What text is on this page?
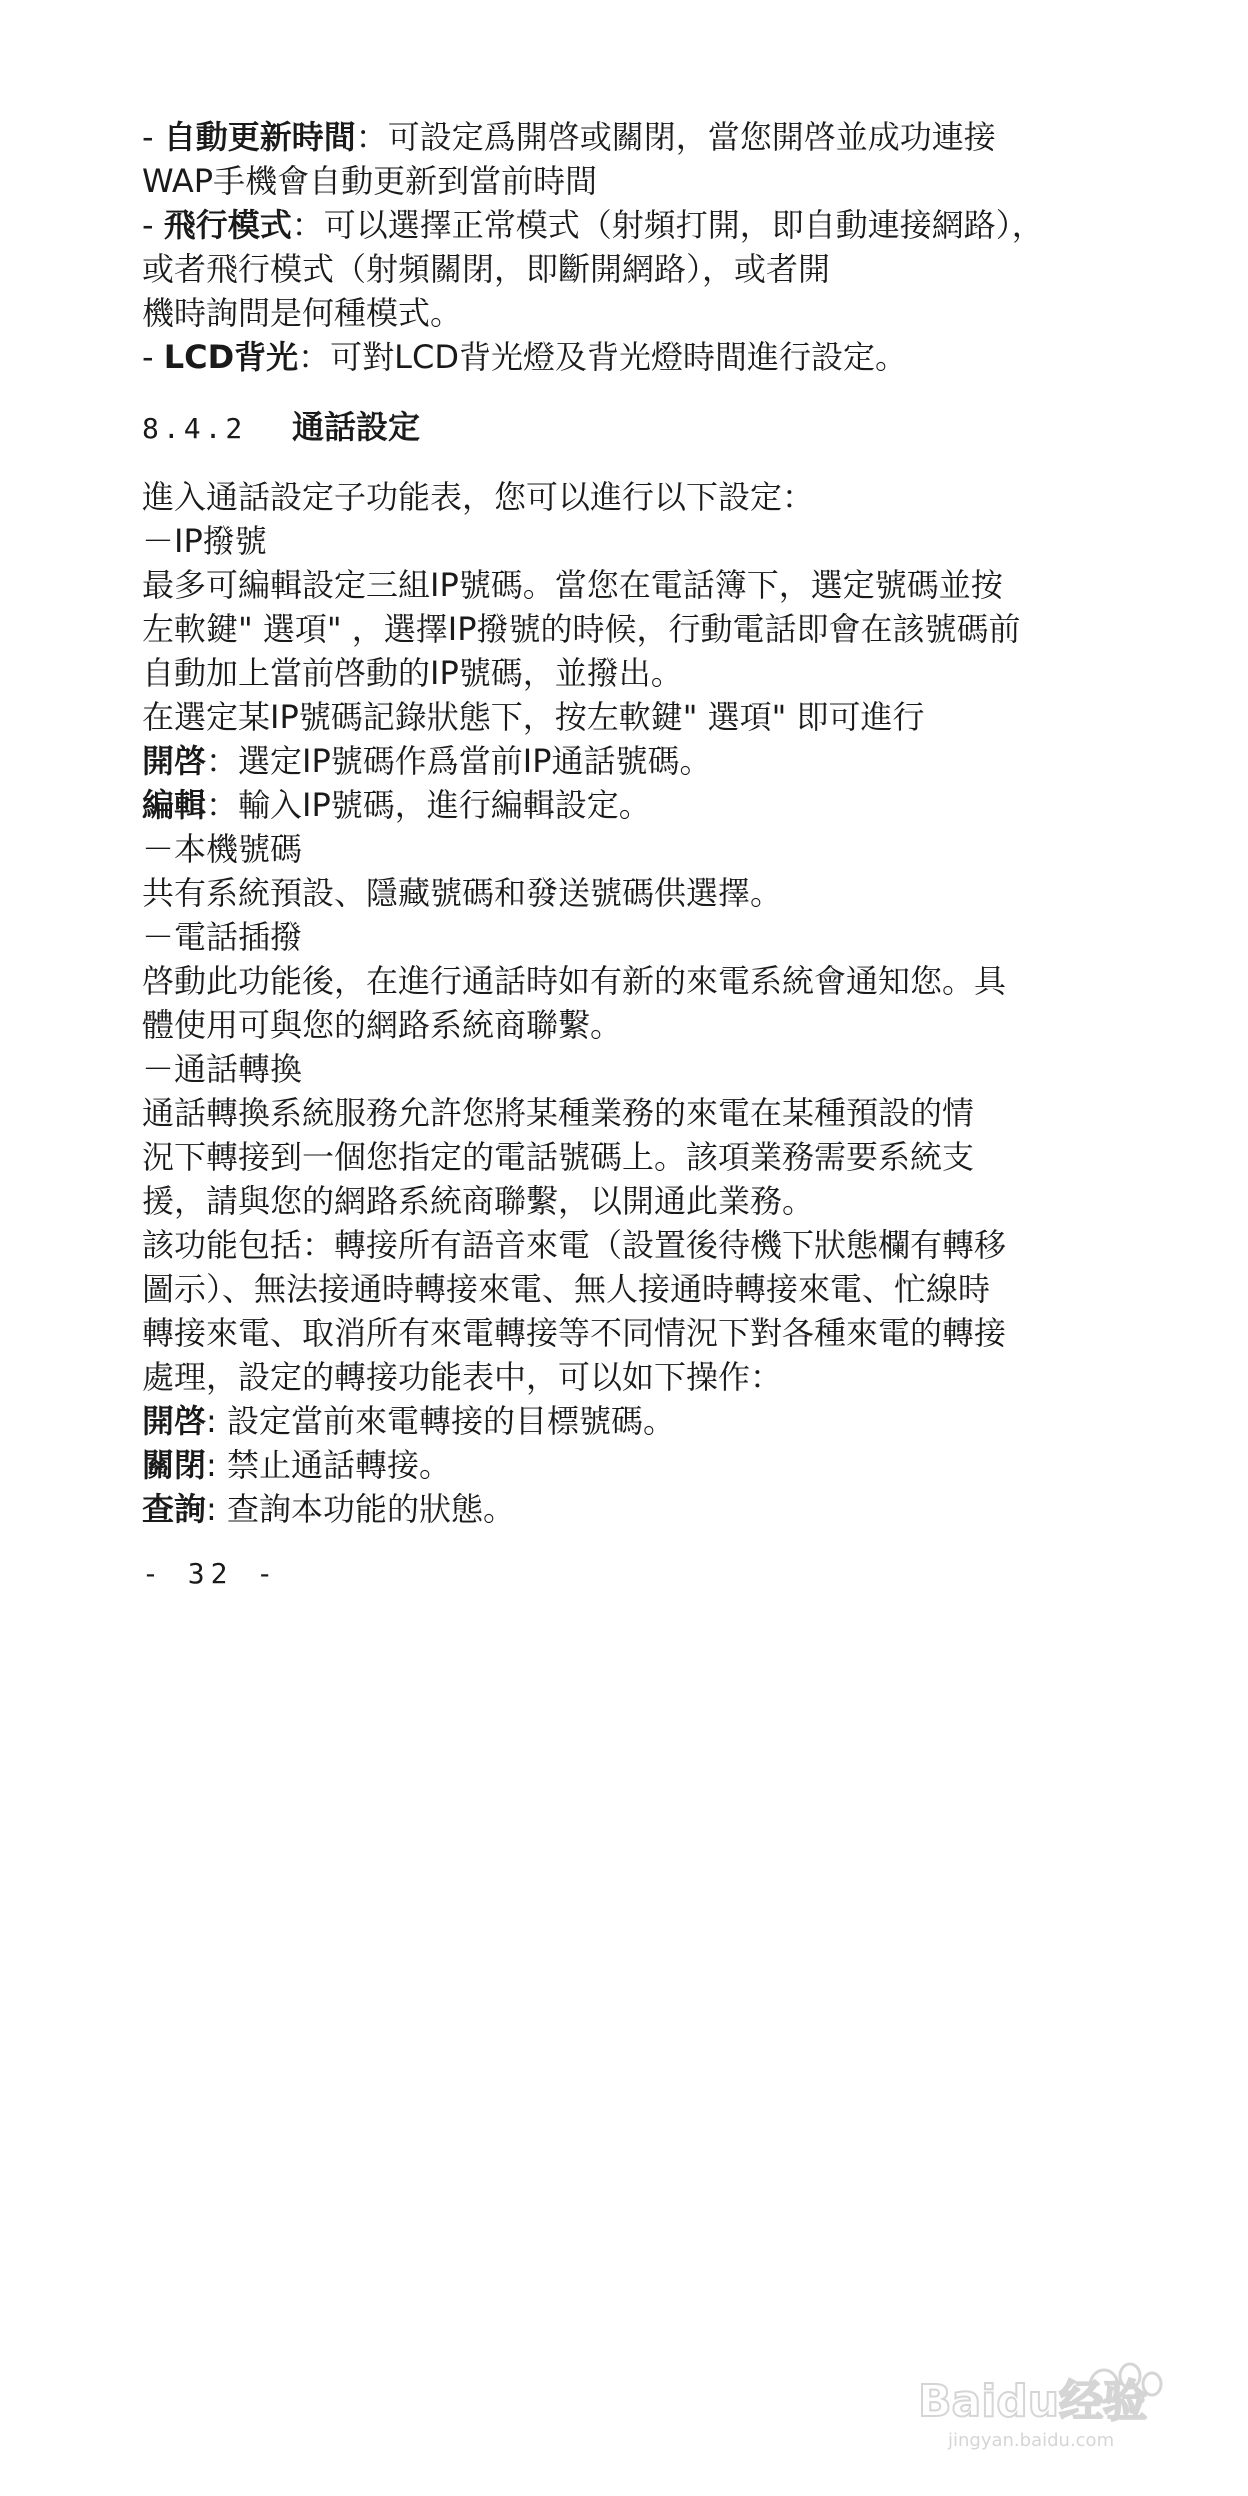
- 自動更新時間：可設定爲開啓或關閉，當您開啓並成功連接

WAP手機會自動更新到當前時間

- 飛行模式：可以選擇正常模式（射頻打開，即自動連接網路），

或者飛行模式（射頻關閉，即斷開網路），或者開

機時詢問是何種模式。

- LCD背光：可對LCD背光燈及背光燈時間進行設定。

8.4.2 通話設定

進入通話設定子功能表，您可以進行以下設定：

－IP撥號

最多可編輯設定三組IP號碼。當您在電話簿下，選定號碼並按

左軟鍵" 選項" ，選擇IP撥號的時候，行動電話即會在該號碼前

自動加上當前啓動的IP號碼，並撥出。

在選定某IP號碼記錄狀態下，按左軟鍵" 選項" 即可進行

開啓：選定IP號碼作爲當前IP通話號碼。

編輯：輸入IP號碼，進行編輯設定。

－本機號碼

共有系統預設、隱藏號碼和發送號碼供選擇。

－電話插撥

啓動此功能後，在進行通話時如有新的來電系統會通知您。具

體使用可與您的網路系統商聯繫。

－通話轉換

通話轉換系統服務允許您將某種業務的來電在某種預設的情

況下轉接到一個您指定的電話號碼上。該項業務需要系統支

援，請與您的網路系統商聯繫，以開通此業務。

該功能包括：轉接所有語音來電（設置後待機下狀態欄有轉移

圖示）、無法接通時轉接來電、無人接通時轉接來電、忙線時

轉接來電、取消所有來電轉接等不同情況下對各種來電的轉接

處理，設定的轉接功能表中，可以如下操作：

開啓: 設定當前來電轉接的目標號碼。

關閉: 禁止通話轉接。

查詢: 查詢本功能的狀態。

- 32 -
Baidu经验
jingyan.baidu.com
